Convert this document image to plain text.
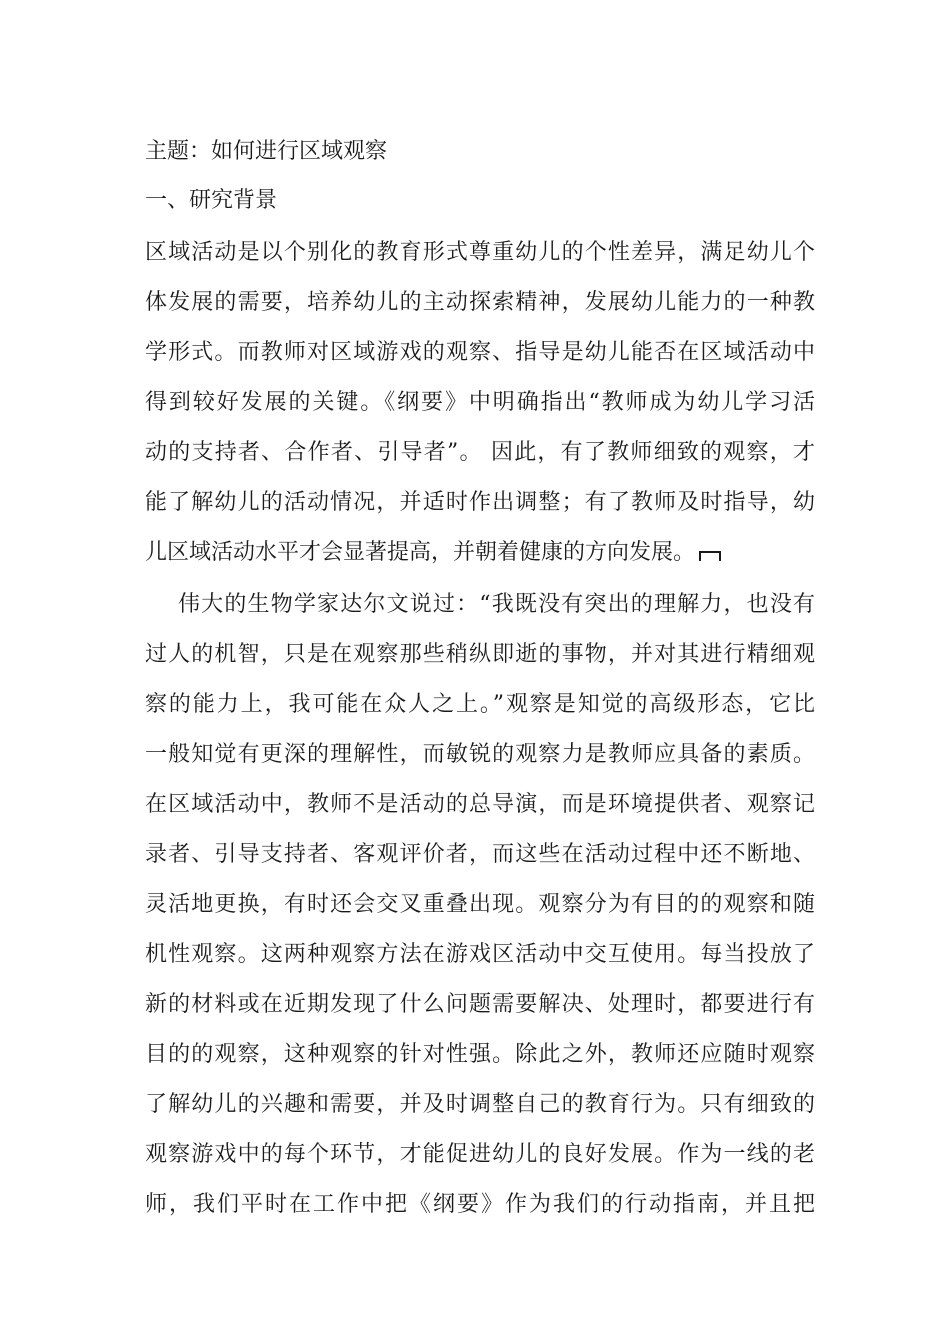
主题：如何进行区域观察
一、研究背景
区域活动是以个别化的教育形式尊重幼儿的个性差异，满足幼儿个
体发展的需要，培养幼儿的主动探索精神，发展幼儿能力的一种教
学形式。而教师对区域游戏的观察、指导是幼儿能否在区域活动中
得到较好发展的关键。《纲要》中明确指出“教师成为幼儿学习活
动的支持者、合作者、引导者”。 因此，有了教师细致的观察，才
能了解幼儿的活动情况，并适时作出调整；有了教师及时指导，幼
儿区域活动水平才会显著提高，并朝着健康的方向发展。
伟大的生物学家达尔文说过：“我既没有突出的理解力，也没有
过人的机智，只是在观察那些稍纵即逝的事物，并对其进行精细观
察的能力上，我可能在众人之上。”观察是知觉的高级形态，它比
一般知觉有更深的理解性，而敏锐的观察力是教师应具备的素质。
在区域活动中，教师不是活动的总导演，而是环境提供者、观察记
录者、引导支持者、客观评价者，而这些在活动过程中还不断地、
灵活地更换，有时还会交叉重叠出现。观察分为有目的的观察和随
机性观察。这两种观察方法在游戏区活动中交互使用。每当投放了
新的材料或在近期发现了什么问题需要解决、处理时，都要进行有
目的的观察，这种观察的针对性强。除此之外，教师还应随时观察
了解幼儿的兴趣和需要，并及时调整自己的教育行为。只有细致的
观察游戏中的每个环节，才能促进幼儿的良好发展。作为一线的老
师，我们平时在工作中把《纲要》作为我们的行动指南，并且把
